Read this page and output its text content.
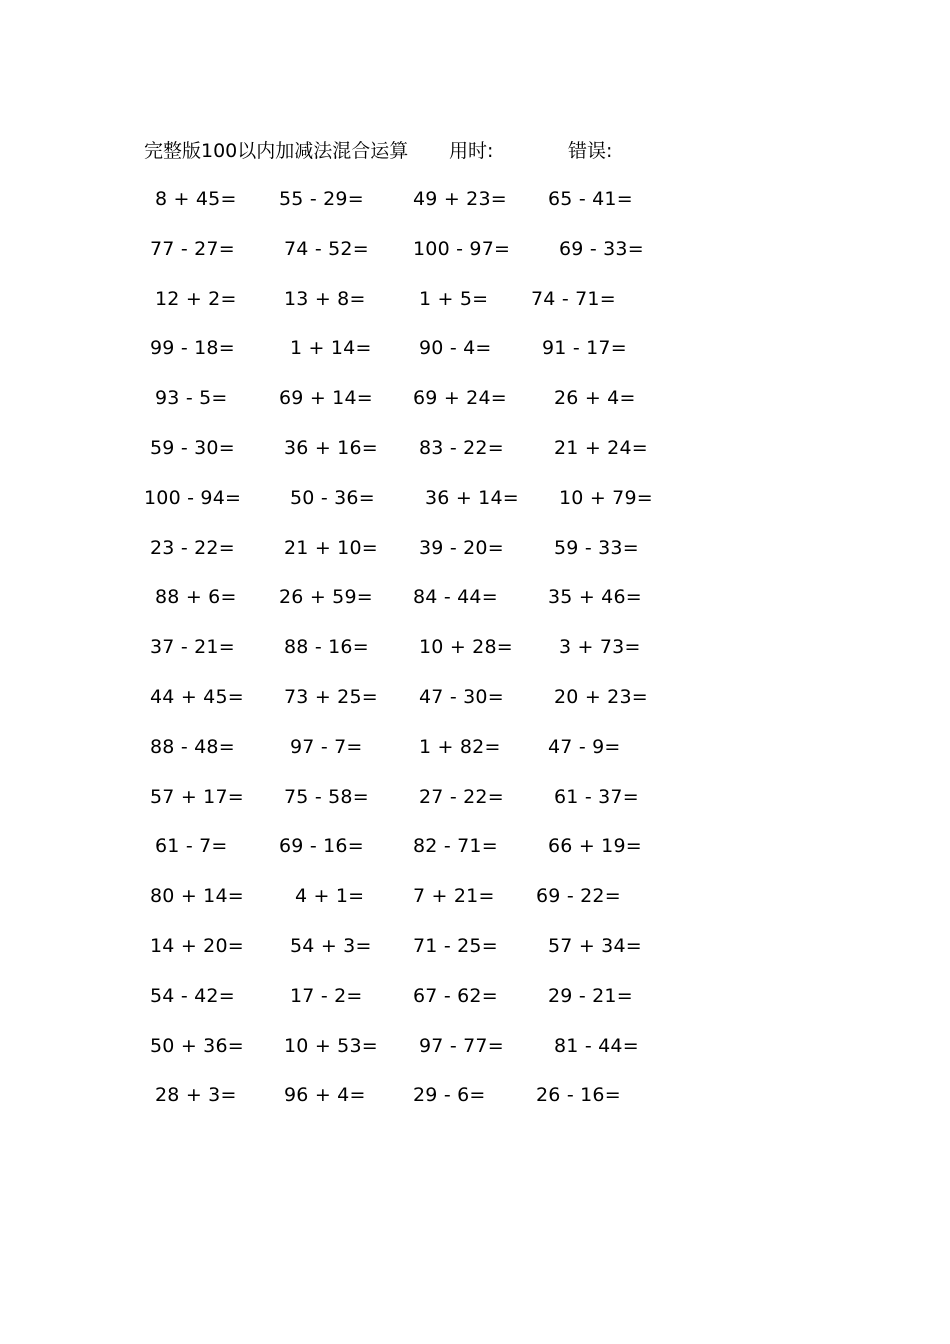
完整版100以内加减法混合运算 用时:	错误:
8 + 45= 55 - 29=	49 + 23= 65 - 41=
77 - 27=	74 - 52= 100 - 97=	69 - 33=
12 + 2= 13 + 8=	1 + 5= 74 - 71=
99 - 18=	1 + 14= 90 - 4=	91 - 17=
93 - 5=	69 + 14= 69 + 24= 26 + 4=
59 - 30=	36 + 16= 83 - 22=	21 + 24=
100 - 94=	50 - 36=	36 + 14= 10 + 79=
23 - 22=	21 + 10= 39 - 20=	59 - 33=
88 + 6= 26 + 59= 84 - 44=	35 + 46=
37 - 21=	88 - 16=	10 + 28= 3 + 73=
44 + 45= 73 + 25= 47 - 30=	20 + 23=
88 - 48=	97 - 7=	1 + 82= 47 - 9=
57 + 17= 75 - 58=	27 - 22=	61 - 37=
61 - 7=	69 - 16=	82 - 71=	66 + 19=
80 + 14=	4 + 1=	7 + 21= 69 - 22=
14 + 20= 54 + 3= 71 - 25=	57 + 34=
54 - 42=	17 - 2=	67 - 62=	29 - 21=
50 + 36= 10 + 53= 97 - 77=	81 - 44=
28 + 3= 96 + 4= 29 - 6=	26 - 16=
